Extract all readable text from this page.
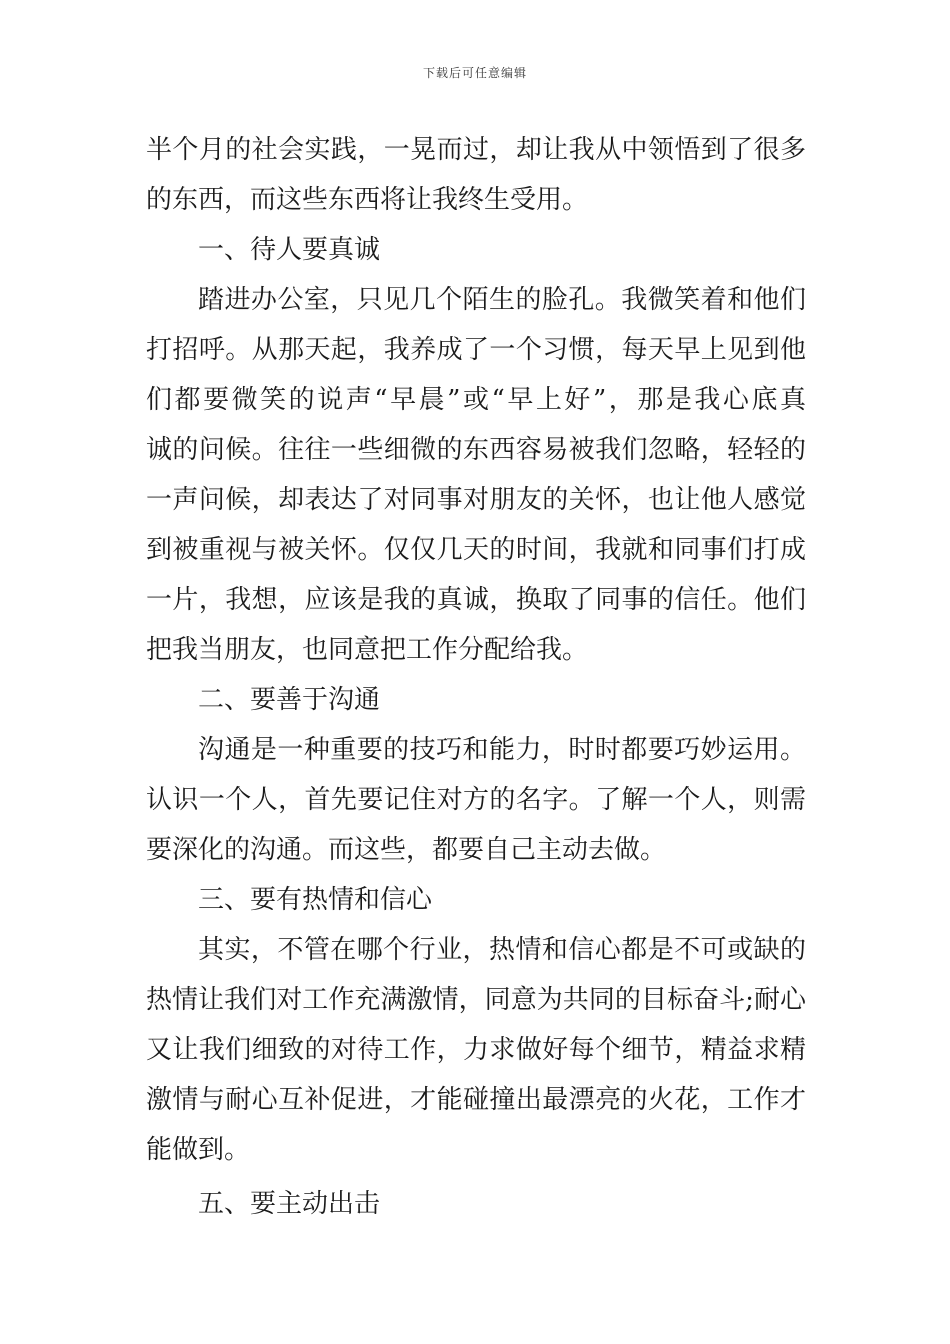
下载后可任意编辑
半个月的社会实践，一晃而过，却让我从中领悟到了很多
的东西，而这些东西将让我终生受用。
一、待人要真诚
踏进办公室，只见几个陌生的脸孔。我微笑着和他们
打招呼。从那天起，我养成了一个习惯，每天早上见到他
们都要微笑的说声“早晨”或“早上好”，那是我心底真
诚的问候。往往一些细微的东西容易被我们忽略，轻轻的
一声问候，却表达了对同事对朋友的关怀，也让他人感觉
到被重视与被关怀。仅仅几天的时间，我就和同事们打成
一片，我想，应该是我的真诚，换取了同事的信任。他们
把我当朋友，也同意把工作分配给我。
二、要善于沟通
沟通是一种重要的技巧和能力，时时都要巧妙运用。
认识一个人，首先要记住对方的名字。了解一个人，则需
要深化的沟通。而这些，都要自己主动去做。
三、要有热情和信心
其实，不管在哪个行业，热情和信心都是不可或缺的
热情让我们对工作充满激情，同意为共同的目标奋斗;耐心
又让我们细致的对待工作，力求做好每个细节，精益求精
激情与耐心互补促进，才能碰撞出最漂亮的火花，工作才
能做到。
五、要主动出击
